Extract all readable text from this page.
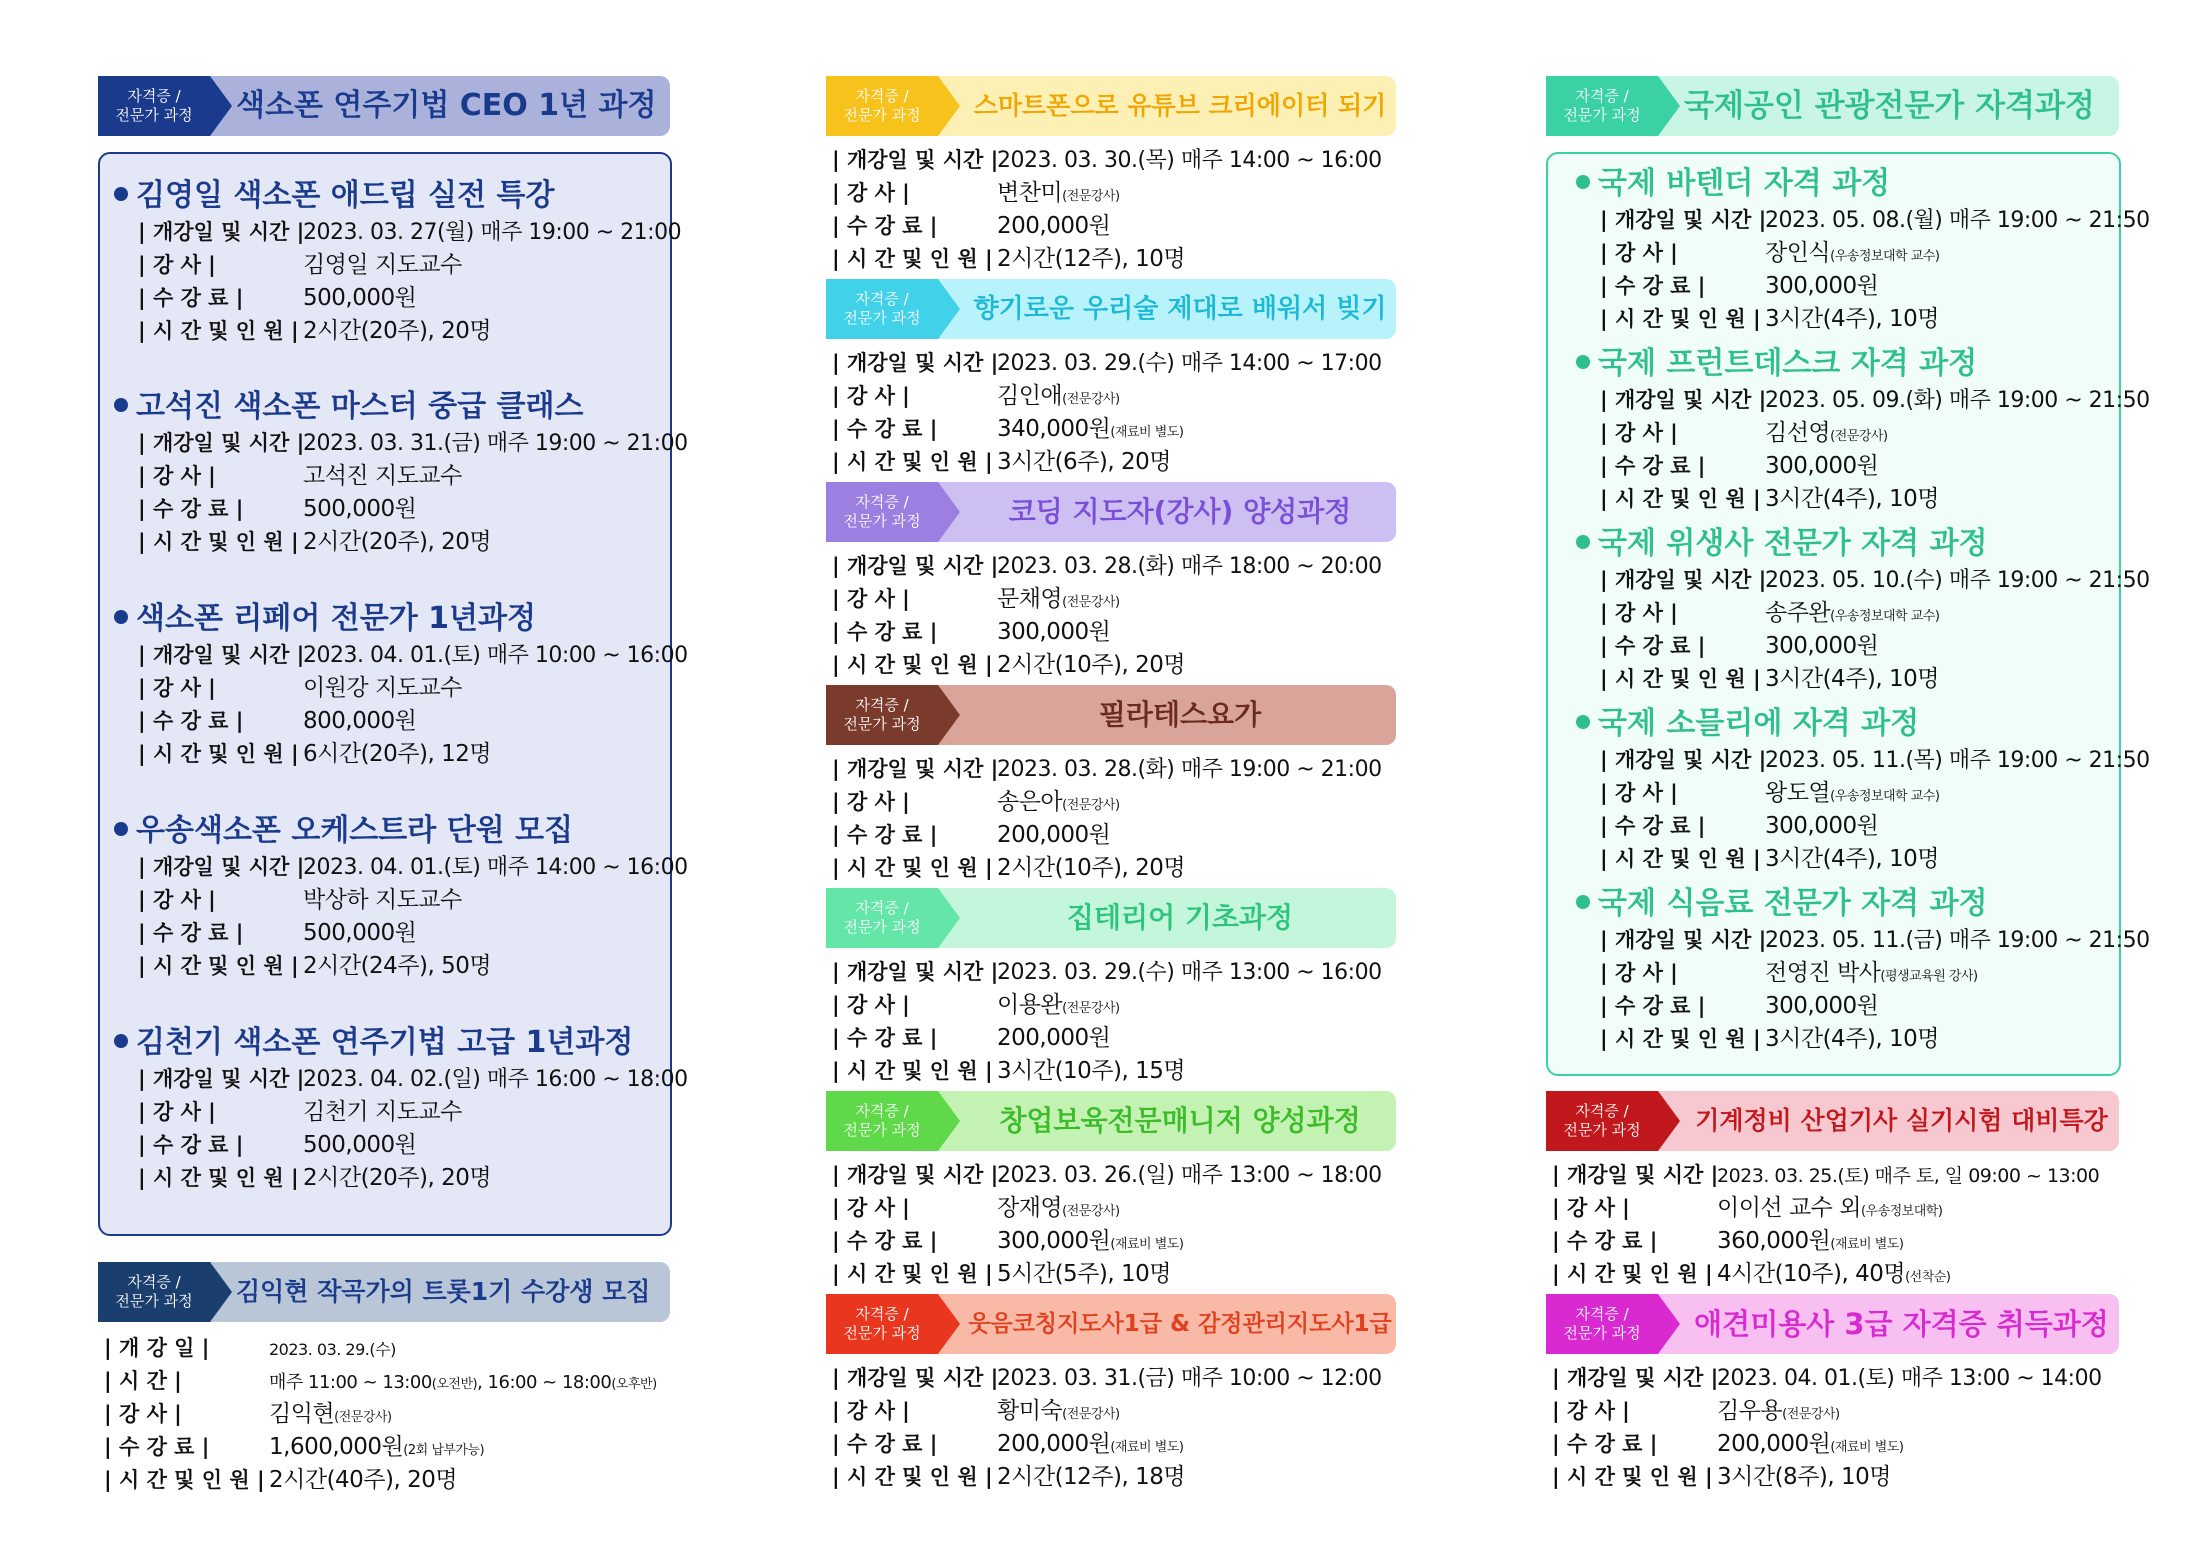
자격증 /
전문가 과정	색소폰 연주기법 CEO 1년 과정
김영일 색소폰 애드립 실전 특강
| 개강일 및 시간 |2023. 03. 27(월) 매주 19:00 ~ 21:00
| 강 사 |	김영일 지도교수
| 수 강 료 |	500,000원
| 시 간 및 인 원 | 2시간(20주), 20명
고석진 색소폰 마스터 중급 클래스
| 개강일 및 시간 |2023. 03. 31.(금) 매주 19:00 ~ 21:00
| 강 사 |	고석진 지도교수
| 수 강 료 |	500,000원
| 시 간 및 인 원 | 2시간(20주), 20명
색소폰 리페어 전문가 1년과정
| 개강일 및 시간 |2023. 04. 01.(토) 매주 10:00 ~ 16:00
| 강 사 |	이원강 지도교수
| 수 강 료 |	800,000원
| 시 간 및 인 원 | 6시간(20주), 12명
우송색소폰 오케스트라 단원 모집
| 개강일 및 시간 |2023. 04. 01.(토) 매주 14:00 ~ 16:00
| 강 사 |	박상하 지도교수
| 수 강 료 |	500,000원
| 시 간 및 인 원 | 2시간(24주), 50명
김천기 색소폰 연주기법 고급 1년과정
| 개강일 및 시간 |2023. 04. 02.(일) 매주 16:00 ~ 18:00
| 강 사 |	김천기 지도교수
| 수 강 료 |	500,000원
| 시 간 및 인 원 | 2시간(20주), 20명
자격증 /
전문가 과정	김익현 작곡가의 트롯1기 수강생 모집
| 개 강 일 |	2023. 03. 29.(수)
| 시 간 |	매주 11:00 ~ 13:00(오전반), 16:00 ~ 18:00(오후반)
| 강 사 |	김익현(전문강사)
| 수 강 료 |	1,600,000원(2회 납부가능)
| 시 간 및 인 원 | 2시간(40주), 20명
자격증 /
전문가 과정	스마트폰으로 유튜브 크리에이터 되기
| 개강일 및 시간 |2023. 03. 30.(목) 매주 14:00 ~ 16:00
| 강 사 |	변찬미(전문강사)
| 수 강 료 |	200,000원
| 시 간 및 인 원 | 2시간(12주), 10명
자격증 /
전문가 과정	향기로운 우리술 제대로 배워서 빚기
| 개강일 및 시간 |2023. 03. 29.(수) 매주 14:00 ~ 17:00
| 강 사 |	김인애(전문강사)
| 수 강 료 |	340,000원(재료비 별도)
| 시 간 및 인 원 | 3시간(6주), 20명
자격증 /
전문가 과정	코딩 지도자(강사) 양성과정
| 개강일 및 시간 |2023. 03. 28.(화) 매주 18:00 ~ 20:00
| 강 사 |	문채영(전문강사)
| 수 강 료 |	300,000원
| 시 간 및 인 원 | 2시간(10주), 20명
자격증 /
전문가 과정	필라테스요가
| 개강일 및 시간 |2023. 03. 28.(화) 매주 19:00 ~ 21:00
| 강 사 |	송은아(전문강사)
| 수 강 료 |	200,000원
| 시 간 및 인 원 | 2시간(10주), 20명
자격증 /
전문가 과정	집테리어 기초과정
| 개강일 및 시간 |2023. 03. 29.(수) 매주 13:00 ~ 16:00
| 강 사 |	이용완(전문강사)
| 수 강 료 |	200,000원
| 시 간 및 인 원 | 3시간(10주), 15명
자격증 /
전문가 과정	창업보육전문매니저 양성과정
| 개강일 및 시간 |2023. 03. 26.(일) 매주 13:00 ~ 18:00
| 강 사 |	장재영(전문강사)
| 수 강 료 |	300,000원(재료비 별도)
| 시 간 및 인 원 | 5시간(5주), 10명
자격증 /
전문가 과정	웃음코칭지도사1급 & 감정관리지도사1급
| 개강일 및 시간 |2023. 03. 31.(금) 매주 10:00 ~ 12:00
| 강 사 |	황미숙(전문강사)
| 수 강 료 |	200,000원(재료비 별도)
| 시 간 및 인 원 | 2시간(12주), 18명
자격증 /
전문가 과정	국제공인 관광전문가 자격과정
국제 바텐더 자격 과정
| 개강일 및 시간 |2023. 05. 08.(월) 매주 19:00 ~ 21:50
| 강 사 |	장인식(우송정보대학 교수)
| 수 강 료 |	300,000원
| 시 간 및 인 원 | 3시간(4주), 10명
국제 프런트데스크 자격 과정
| 개강일 및 시간 |2023. 05. 09.(화) 매주 19:00 ~ 21:50
| 강 사 |	김선영(전문강사)
| 수 강 료 |	300,000원
| 시 간 및 인 원 | 3시간(4주), 10명
국제 위생사 전문가 자격 과정
| 개강일 및 시간 |2023. 05. 10.(수) 매주 19:00 ~ 21:50
| 강 사 |	송주완(우송정보대학 교수)
| 수 강 료 |	300,000원
| 시 간 및 인 원 | 3시간(4주), 10명
국제 소믈리에 자격 과정
| 개강일 및 시간 |2023. 05. 11.(목) 매주 19:00 ~ 21:50
| 강 사 |	왕도열(우송정보대학 교수)
| 수 강 료 |	300,000원
| 시 간 및 인 원 | 3시간(4주), 10명
국제 식음료 전문가 자격 과정
| 개강일 및 시간 |2023. 05. 11.(금) 매주 19:00 ~ 21:50
| 강 사 |	전영진 박사(평생교육원 강사)
| 수 강 료 |	300,000원
| 시 간 및 인 원 | 3시간(4주), 10명
자격증 /
전문가 과정	기계정비 산업기사 실기시험 대비특강
| 개강일 및 시간 |2023. 03. 25.(토) 매주 토, 일 09:00 ~ 13:00
| 강 사 |	이이선 교수 외(우송정보대학)
| 수 강 료 |	360,000원(재료비 별도)
| 시 간 및 인 원 | 4시간(10주), 40명(선착순)
자격증 /
전문가 과정	애견미용사 3급 자격증 취득과정
| 개강일 및 시간 |2023. 04. 01.(토) 매주 13:00 ~ 14:00
| 강 사 |	김우용(전문강사)
| 수 강 료 |	200,000원(재료비 별도)
| 시 간 및 인 원 | 3시간(8주), 10명
